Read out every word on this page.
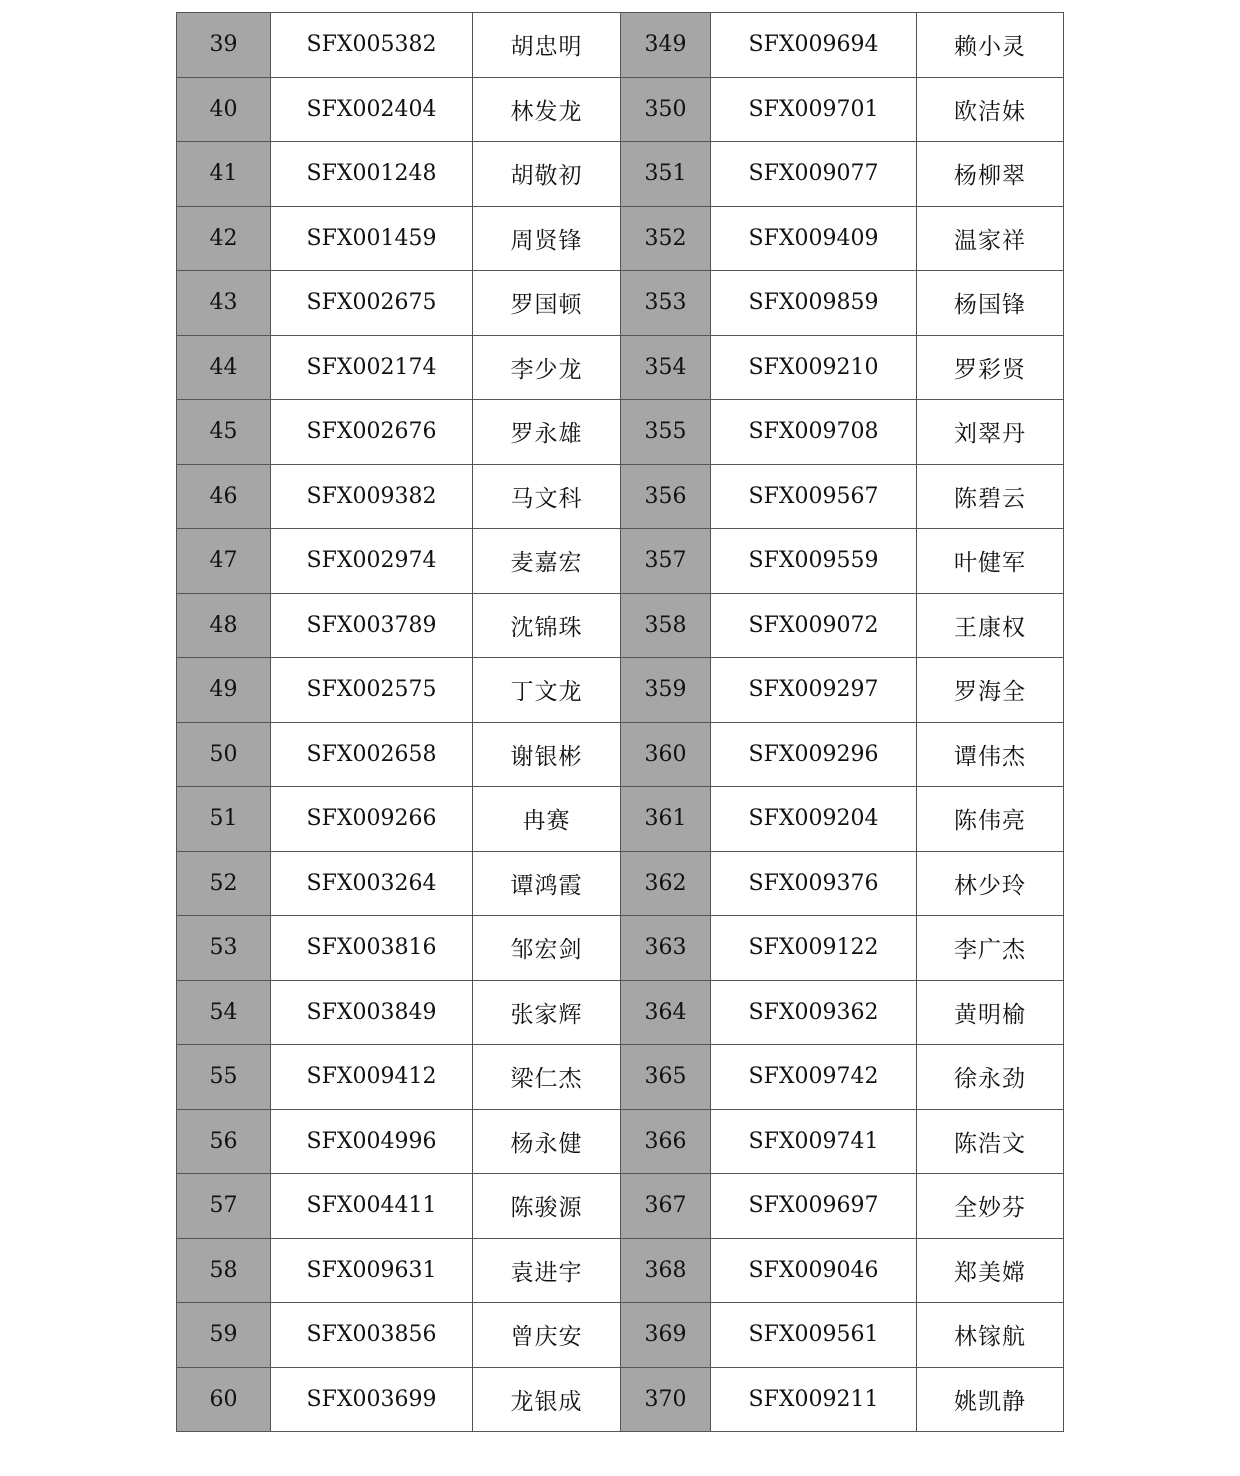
39	SFX005382	胡忠明	349	SFX009694	赖小灵
40	SFX002404	林发龙	350	SFX009701	欧洁妹
41	SFX001248	胡敬初	351	SFX009077	杨柳翠
42	SFX001459	周贤锋	352	SFX009409	温家祥
43	SFX002675	罗国顿	353	SFX009859	杨国锋
44	SFX002174	李少龙	354	SFX009210	罗彩贤
45	SFX002676	罗永雄	355	SFX009708	刘翠丹
46	SFX009382	马文科	356	SFX009567	陈碧云
47	SFX002974	麦嘉宏	357	SFX009559	叶健军
48	SFX003789	沈锦珠	358	SFX009072	王康权
49	SFX002575	丁文龙	359	SFX009297	罗海全
50	SFX002658	谢银彬	360	SFX009296	谭伟杰
51	SFX009266	冉赛	361	SFX009204	陈伟亮
52	SFX003264	谭鸿霞	362	SFX009376	林少玲
53	SFX003816	邹宏剑	363	SFX009122	李广杰
54	SFX003849	张家辉	364	SFX009362	黄明榆
55	SFX009412	梁仁杰	365	SFX009742	徐永劲
56	SFX004996	杨永健	366	SFX009741	陈浩文
57	SFX004411	陈骏源	367	SFX009697	全妙芬
58	SFX009631	袁进宇	368	SFX009046	郑美嫦
59	SFX003856	曾庆安	369	SFX009561	林镓航
60	SFX003699	龙银成	370	SFX009211	姚凯静
